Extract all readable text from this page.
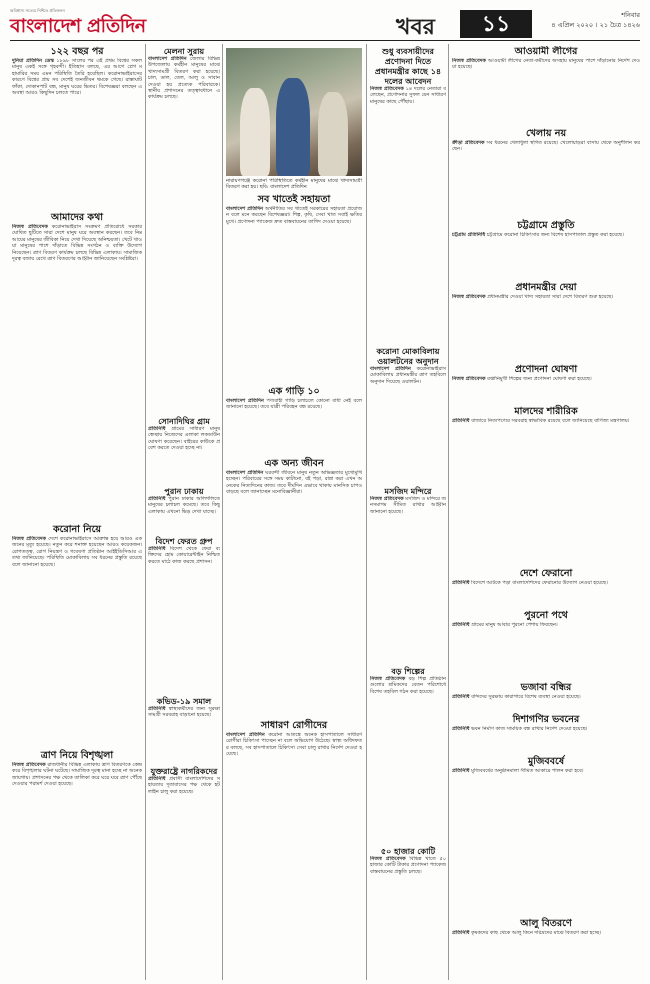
অবিশ্বাস্য সত্যের নিশ্চিত প্রতিফলন
বাংলাদেশ প্রতিদিন	খবর	১১	শনিবার
৪ এপ্রিল ২০২০ । ২১ চৈত্র ১৪২৬
১২২ বছর পর
দুনিয়া প্রতিদিন ডেস্ক ১৮৯৮ সালের পর এই প্রথম বিশ্বের সকল মানুষ একই সঙ্গে গৃহবন্দী। ইতিহাস বলছে, এর আগে প্লেগ মহামারির সময় এমন পরিস্থিতি তৈরি হয়েছিল। করোনাভাইরাসের কারণে বিশ্বের প্রায় সব দেশেই জনজীবন থমকে গেছে। রাস্তাঘাট ফাঁকা, দোকানপাট বন্ধ, মানুষ ঘরের ভিতর। বিশেষজ্ঞরা বলছেন এ অবস্থা আরও কিছুদিন চলতে পারে।
আমাদের কথা
নিজস্ব প্রতিবেদক করোনাভাইরাস সংক্রমণ প্রতিরোধে সরকার ঘোষিত ছুটিতে সারা দেশে মানুষ ঘরে অবস্থান করছেন। তবে নিম্ন আয়ের মানুষের জীবিকা নিয়ে দেখা দিয়েছে অনিশ্চয়তা। খেটে খাওয়া মানুষের পাশে দাঁড়াতে বিভিন্ন সংগঠন ও ব্যক্তি উদ্যোগ নিয়েছেন। ত্রাণ বিতরণ কার্যক্রম চলছে বিভিন্ন এলাকায়। সামাজিক দূরত্ব বজায় রেখে ত্রাণ বিতরণের আহ্বান জানিয়েছেন সংশ্লিষ্টরা।
করোনা নিয়ে
নিজস্ব প্রতিবেদক দেশে করোনাভাইরাসে আক্রান্ত হয়ে আরও একজনের মৃত্যু হয়েছে। নতুন করে শনাক্ত হয়েছেন আরও কয়েকজন। রোগতত্ত্ব, রোগ নিয়ন্ত্রণ ও গবেষণা প্রতিষ্ঠান আইইডিসিআর এ তথ্য জানিয়েছে। পরিস্থিতি মোকাবিলায় সব ধরনের প্রস্তুতি রয়েছে বলে জানানো হয়েছে।
ত্রাণ নিয়ে বিশৃঙ্খলা
নিজস্ব প্রতিবেদক রাজধানীর বিভিন্ন এলাকায় ত্রাণ বিতরণকে কেন্দ্র করে বিশৃঙ্খলার ঘটনা ঘটেছে। সামাজিক দূরত্ব মানা হচ্ছে না অনেক জায়গায়। প্রশাসনের পক্ষ থেকে তালিকা করে ঘরে ঘরে ত্রাণ পৌঁছে দেওয়ার পরামর্শ দেওয়া হয়েছে।
মেলনা সুরায়
বাংলাদেশ প্রতিদিন জেলার বিভিন্ন উপজেলায় কর্মহীন মানুষের মাঝে খাদ্যসামগ্রী বিতরণ করা হয়েছে। চাল, ডাল, তেল, আলু ও সাবান দেওয়া হয় প্রত্যেক পরিবারকে। স্থানীয় প্রশাসনের তত্ত্বাবধানে এ কার্যক্রম চলছে।
সোনাদিঘির গ্রাম
প্রতিনিধি গ্রামের সাধারণ মানুষ স্বেচ্ছায় নিজেদের এলাকা লকডাউন ঘোষণা করেছেন। বাইরের কাউকে প্রবেশ করতে দেওয়া হচ্ছে না।
পুরান ঢাকায়
প্রতিনিধি পুরান ঢাকার অলিগলিতে মানুষের চলাচল কমেছে। তবে কিছু এলাকায় এখনো ভিড় দেখা যাচ্ছে।
বিদেশ ফেরত গ্রুপ
প্রতিনিধি বিদেশ থেকে ফেরা ব্যক্তিদের হোম কোয়ারেন্টাইন নিশ্চিত করতে মাঠে কাজ করছে প্রশাসন।
কভিড-১৯ সমাল
প্রতিনিধি স্বাস্থ্যকর্মীদের জন্য সুরক্ষা সামগ্রী সরবরাহ বাড়ানো হয়েছে।
যুক্তরাষ্ট্রে নাগরিকদের
প্রতিনিধি প্রবাসী বাংলাদেশিদের সহায়তায় দূতাবাসের পক্ষ থেকে হটলাইন চালু করা হয়েছে।
নারায়ণগঞ্জে করোনা পরিস্থিতিতে কর্মহীন মানুষের মাঝে খাদ্যসামগ্রী বিতরণ করা হয়। ছবি: বাংলাদেশ প্রতিদিন
সব খাতেই সহায়তা
বাংলাদেশ প্রতিদিন অর্থনীতির সব খাতেই সরকারের সহায়তা প্রয়োজন বলে মনে করছেন বিশেষজ্ঞরা। শিল্প, কৃষি, সেবা খাত সবাই ক্ষতির মুখে। প্রণোদনা প্যাকেজ দ্রুত বাস্তবায়নের তাগিদ দেওয়া হয়েছে।
এক গাড়ি ১০
বাংলাদেশ প্রতিদিন পণ্যবাহী গাড়ি চলাচলে কোনো বাধা নেই বলে জানানো হয়েছে। তবে যাত্রী পরিবহন বন্ধ রয়েছে।
এক অন্য জীবন
বাংলাদেশ প্রতিদিন ঘরবন্দী জীবনে মানুষ নতুন অভিজ্ঞতার মুখোমুখি হচ্ছেন। পরিবারের সঙ্গে সময় কাটানো, বই পড়া, রান্না করা এখন অনেকের নিত্যদিনের কাজ। তবে দীর্ঘদিন এভাবে থাকায় মানসিক চাপও বাড়ছে বলে জানাচ্ছেন মনোবিজ্ঞানীরা।
সাধারণ রোগীদের
বাংলাদেশ প্রতিদিন করোনা আতঙ্কে অনেক হাসপাতালে সাধারণ রোগীরা চিকিৎসা পাচ্ছেন না বলে অভিযোগ উঠেছে। স্বাস্থ্য অধিদফতর বলছে, সব হাসপাতালে চিকিৎসা সেবা চালু রাখার নির্দেশ দেওয়া হয়েছে।
শুধু ব্যবসায়ীদের প্রণোদনা দিতে প্রধানমন্ত্রীর কাছে ১৪ দলের আবেদন
নিজস্ব প্রতিবেদক ১৪ দলের নেতারা বলেছেন, প্রণোদনার সুফল যেন সাধারণ মানুষের কাছে পৌঁছায়।
করোনা মোকাবিলায় ওয়ালটনের অনুদান
বাংলাদেশ প্রতিদিন করোনাভাইরাস মোকাবিলায় প্রধানমন্ত্রীর ত্রাণ তহবিলে অনুদান দিয়েছে ওয়ালটন।
মসজিদ মন্দিরে
নিজস্ব প্রতিবেদক মসজিদ ও মন্দিরে জনসমাগম সীমিত রাখার আহ্বান জানানো হয়েছে।
বড় শিল্পের
নিজস্ব প্রতিবেদক বড় শিল্প প্রতিষ্ঠানগুলোর শ্রমিকদের বেতন পরিশোধে বিশেষ তহবিল গঠন করা হয়েছে।
৫০ হাজার কোটি
নিজস্ব প্রতিবেদক বিভিন্ন খাতে ৫০ হাজার কোটি টাকার প্রণোদনা প্যাকেজ বাস্তবায়নের প্রস্তুতি চলছে।
আওয়ামী লীগের
নিজস্ব প্রতিবেদক আওয়ামী লীগের নেতা-কর্মীদের অসহায় মানুষের পাশে দাঁড়ানোর নির্দেশ দেওয়া হয়েছে।
খেলায় নয়
ক্রীড়া প্রতিবেদক সব ধরনের খেলাধুলা স্থগিত রয়েছে। খেলোয়াড়রা বাসায় থেকে অনুশীলন করছেন।
চট্টগ্রামে প্রস্তুতি
চট্টগ্রাম প্রতিনিধি চট্টগ্রামে করোনা চিকিৎসার জন্য বিশেষ হাসপাতাল প্রস্তুত করা হয়েছে।
প্রধানমন্ত্রীর দেয়া
নিজস্ব প্রতিবেদক প্রধানমন্ত্রীর দেওয়া খাদ্য সহায়তা সারা দেশে বিতরণ শুরু হয়েছে।
প্রণোদনা ঘোষণা
নিজস্ব প্রতিবেদক রপ্তানিমুখী শিল্পের জন্য প্রণোদনা ঘোষণা করা হয়েছে।
মালদের শারীরিক
প্রতিনিধি বাজারে নিত্যপণ্যের সরবরাহ স্বাভাবিক রয়েছে বলে জানিয়েছে বাণিজ্য মন্ত্রণালয়।
দেশে ফেরানো
প্রতিনিধি বিদেশে আটকে পড়া বাংলাদেশিদের ফেরানোর উদ্যোগ নেওয়া হয়েছে।
পুরনো পথে
প্রতিনিধি গ্রামের মানুষ আবার পুরনো পেশায় ফিরছেন।
ভজাবা বন্ধির
প্রতিনিধি বন্দিদের সুরক্ষায় কারাগারে বিশেষ ব্যবস্থা নেওয়া হয়েছে।
দিশাগণির ভবনের
প্রতিনিধি ভবন নির্মাণ কাজ সাময়িক বন্ধ রাখার নির্দেশ দেওয়া হয়েছে।
মুজিববর্ষে
প্রতিনিধি মুজিববর্ষের অনুষ্ঠানমালা সীমিত আকারে পালন করা হবে।
আলু বিতরণে
প্রতিনিধি কৃষকদের কাছ থেকে আলু কিনে দরিদ্রদের মাঝে বিতরণ করা হচ্ছে।
